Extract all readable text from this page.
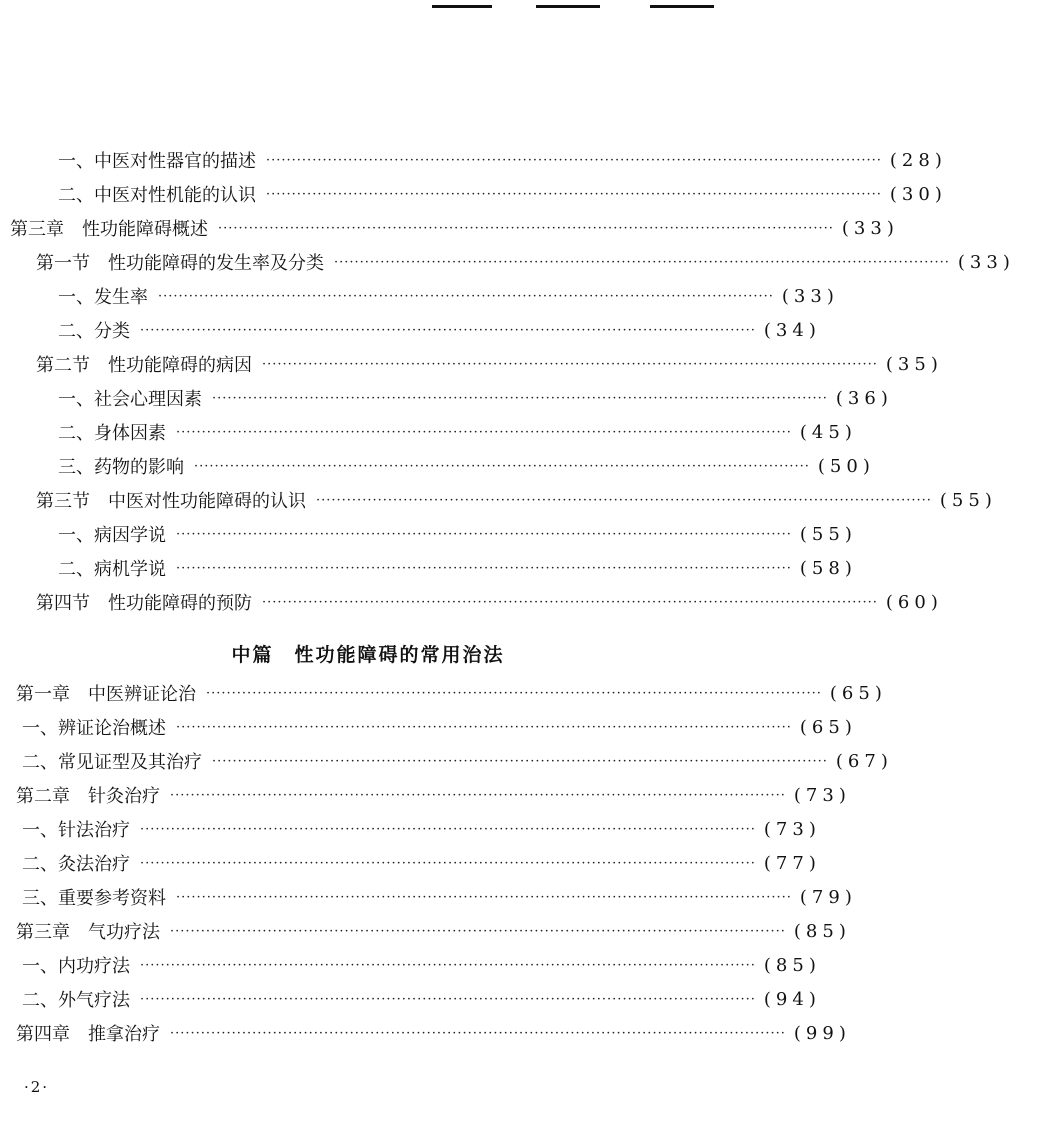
一、中医对性器官的描述 ························································································································ (28)
二、中医对性机能的认识 ························································································································ (30)
第三章　性功能障碍概述 ························································································································ (33)
第一节　性功能障碍的发生率及分类 ························································································································ (33)
一、发生率 ························································································································ (33)
二、分类 ························································································································ (34)
第二节　性功能障碍的病因 ························································································································ (35)
一、社会心理因素 ························································································································ (36)
二、身体因素 ························································································································ (45)
三、药物的影响 ························································································································ (50)
第三节　中医对性功能障碍的认识 ························································································································ (55)
一、病因学说 ························································································································ (55)
二、病机学说 ························································································································ (58)
第四节　性功能障碍的预防 ························································································································ (60)
中篇　性功能障碍的常用治法
第一章　中医辨证论治 ························································································································ (65)
一、辨证论治概述 ························································································································ (65)
二、常见证型及其治疗 ························································································································ (67)
第二章　针灸治疗 ························································································································ (73)
一、针法治疗 ························································································································ (73)
二、灸法治疗 ························································································································ (77)
三、重要参考资料 ························································································································ (79)
第三章　气功疗法 ························································································································ (85)
一、内功疗法 ························································································································ (85)
二、外气疗法 ························································································································ (94)
第四章　推拿治疗 ························································································································ (99)
·2·
